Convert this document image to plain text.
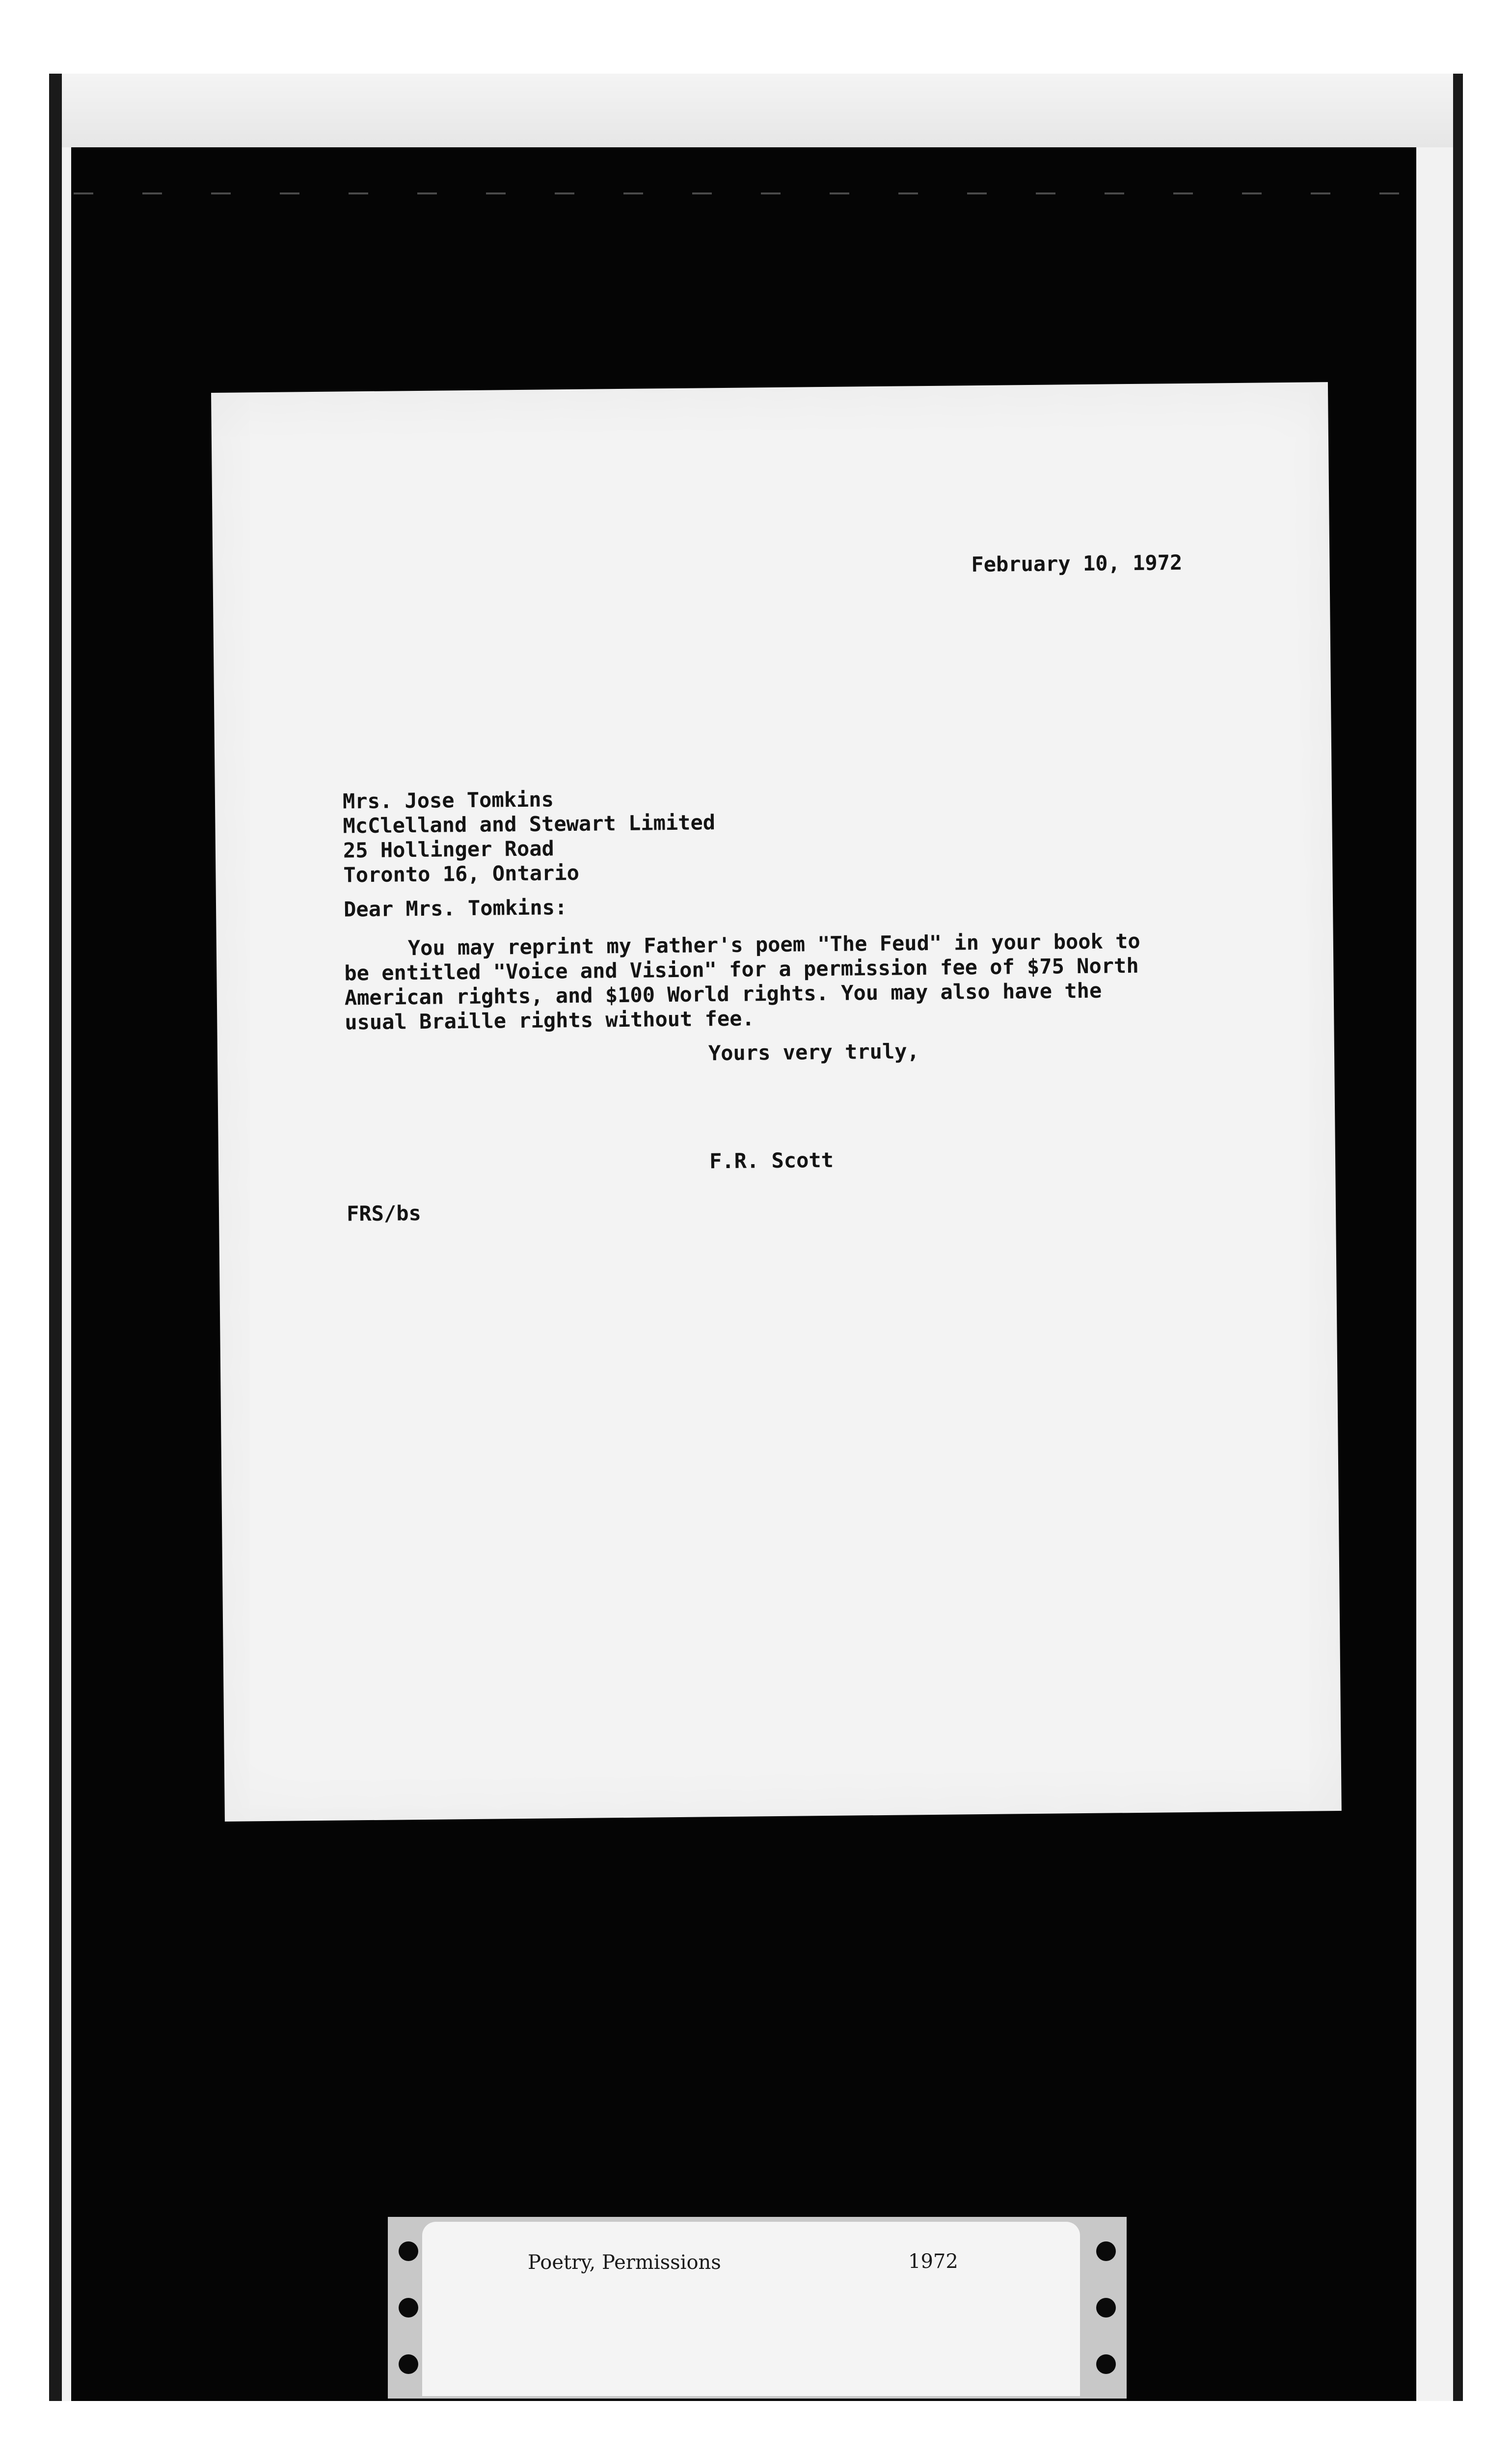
February 10, 1972
Mrs. Jose Tomkins
McClelland and Stewart Limited
25 Hollinger Road
Toronto 16, Ontario
Dear Mrs. Tomkins:
You may reprint my Father's poem "The Feud" in your book to be entitled "Voice and Vision" for a permission fee of $75 North American rights, and $100 World rights. You may also have the usual Braille rights without fee.
Yours very truly,
F.R. Scott
FRS/bs
Poetry, Permissions	1972
